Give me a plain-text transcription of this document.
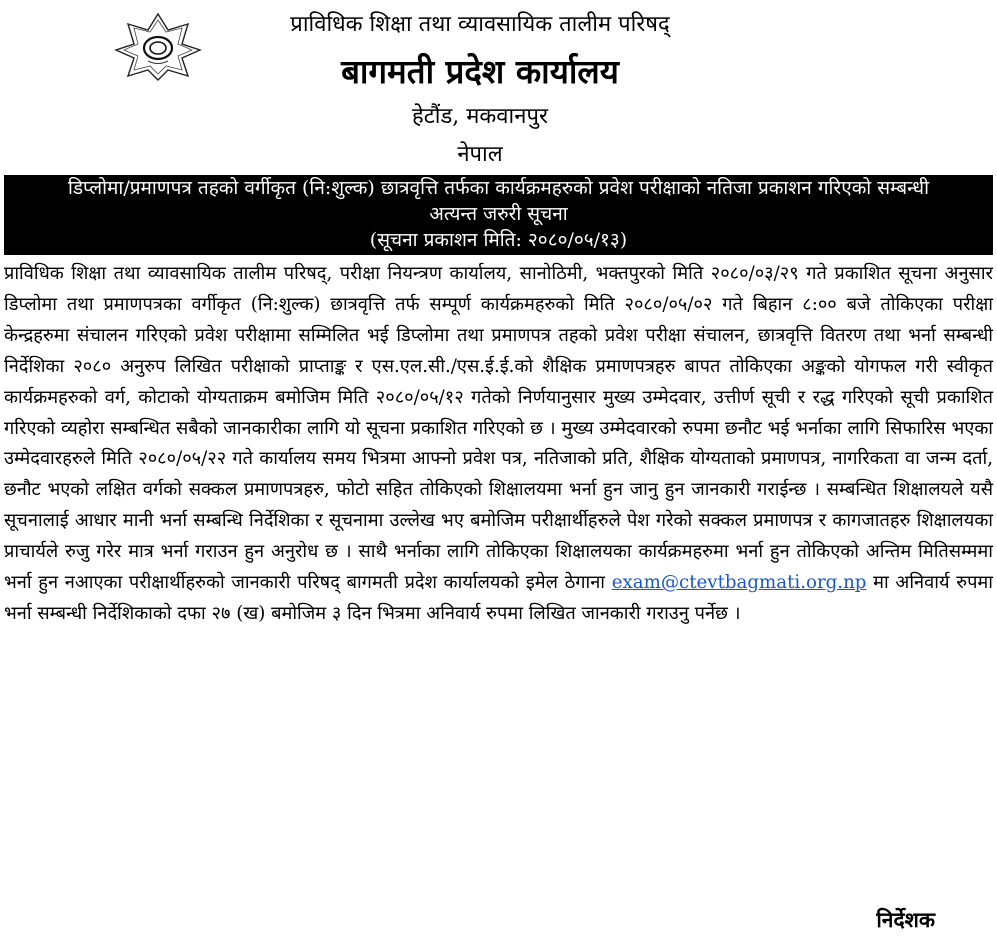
प्राविधिक शिक्षा तथा व्यावसायिक तालीम परिषद्
बागमती प्रदेश कार्यालय
हेटौंड, मकवानपुर
नेपाल
डिप्लोमा/प्रमाणपत्र तहको वर्गीकृत (नि:शुल्क) छात्रवृत्ति तर्फका कार्यक्रमहरुको प्रवेश परीक्षाको नतिजा प्रकाशन गरिएको सम्बन्धी
अत्यन्त जरुरी सूचना
(सूचना प्रकाशन मिति: २०८०/०५/१३)
प्राविधिक शिक्षा तथा व्यावसायिक तालीम परिषद्, परीक्षा नियन्त्रण कार्यालय, सानोठिमी, भक्तपुरको मिति २०८०/०३/२९ गते प्रकाशित सूचना अनुसार डिप्लोमा तथा प्रमाणपत्रका वर्गीकृत (नि:शुल्क) छात्रवृत्ति तर्फ सम्पूर्ण कार्यक्रमहरुको मिति २०८०/०५/०२ गते बिहान ८:०० बजे तोकिएका परीक्षा केन्द्रहरुमा संचालन गरिएको प्रवेश परीक्षामा सम्मिलित भई डिप्लोमा तथा प्रमाणपत्र तहको प्रवेश परीक्षा संचालन, छात्रवृत्ति वितरण तथा भर्ना सम्बन्धी निर्देशिका २०८० अनुरुप लिखित परीक्षाको प्राप्ताङ्क र एस.एल.सी./एस.ई.ई.को शैक्षिक प्रमाणपत्रहरु बापत तोकिएका अङ्कको योगफल गरी स्वीकृत कार्यक्रमहरुको वर्ग, कोटाको योग्यताक्रम बमोजिम मिति २०८०/०५/१२ गतेको निर्णयानुसार मुख्य उम्मेदवार, उत्तीर्ण सूची र रद्ध गरिएको सूची प्रकाशित गरिएको व्यहोरा सम्बन्धित सबैको जानकारीका लागि यो सूचना प्रकाशित गरिएको छ । मुख्य उम्मेदवारको रुपमा छनौट भई भर्नाका लागि सिफारिस भएका उम्मेदवारहरुले मिति २०८०/०५/२२ गते कार्यालय समय भित्रमा आफ्नो प्रवेश पत्र, नतिजाको प्रति, शैक्षिक योग्यताको प्रमाणपत्र, नागरिकता वा जन्म दर्ता, छनौट भएको लक्षित वर्गको सक्कल प्रमाणपत्रहरु, फोटो सहित तोकिएको शिक्षालयमा भर्ना हुन जानु हुन जानकारी गराईन्छ । सम्बन्धित शिक्षालयले यसै सूचनालाई आधार मानी भर्ना सम्बन्धि निर्देशिका र सूचनामा उल्लेख भए बमोजिम परीक्षार्थीहरुले पेश गरेको सक्कल प्रमाणपत्र र कागजातहरु शिक्षालयका प्राचार्यले रुजु गरेर मात्र भर्ना गराउन हुन अनुरोध छ । साथै भर्नाका लागि तोकिएका शिक्षालयका कार्यक्रमहरुमा भर्ना हुन तोकिएको अन्तिम मितिसम्ममा भर्ना हुन नआएका परीक्षार्थीहरुको जानकारी परिषद् बागमती प्रदेश कार्यालयको इमेल ठेगाना exam@ctevtbagmati.org.np मा अनिवार्य रुपमा भर्ना सम्बन्धी निर्देशिकाको दफा २७ (ख) बमोजिम ३ दिन भित्रमा अनिवार्य रुपमा लिखित जानकारी गराउनु पर्नेछ ।
निर्देशक
